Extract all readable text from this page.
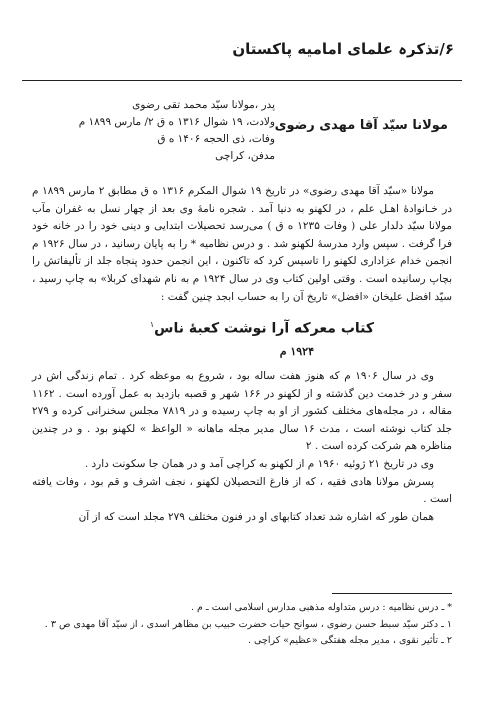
۶/تذکرہ علمای امامیه پاکستان
مولانا سیّد آقا مهدی رضوی
پدر ،مولانا سیّد محمد تقی رضوی
ولادت، ۱۹ شوال ۱۳۱۶ ه ق ۲/ مارس ۱۸۹۹ م
وفات، ذی الحجه ۱۴۰۶ ه ق
مدفن، کراچی

مولانا «سیّد آقا مهدی رضوی» در تاریخ ۱۹ شوال المکرم ۱۳۱۶ ه ق مطابق ۲ مارس ۱۸۹۹ م در خـانوادهٔ اهـل علم ، در لکهنو به دنیا آمد . شجره نامهٔ وی بعد از چهار نسل به غفران مآب مولانا سیّد دلدار علی ( وفات ۱۲۳۵ ه ق ) می‌رسد تحصیلات ابتدایی و دینی خود را در خانه خود فرا گرفت . سپس وارد مدرسهٔ لکهنو شد . و درس نظامیه * را به پایان رسانید ، در سال ۱۹۲۶ م انجمن خدام عزاداری لکهنو را تاسیس کرد که تاکنون ، این انجمن حدود پنجاه جلد از تألیفاتش را بچاپ رسانیده است . وقتی اولین کتاب وی در سال ۱۹۲۴ م به نام شهدای کربلا» به چاپ رسید ، سیّد افضل علیخان «افضل» تاریخ آن را به حساب ابجد چنین گفت :

کتاب معرکه آرا نوشت کعبهٔ ناس$^۱$
۱۹۲۴ م

وی در سال ۱۹۰۶ م که هنوز هفت ساله بود ، شروع به موعظه کرد . تمام زندگی اش در سفر و در خدمت دین گذشته و از لکهنو در ۱۶۶ شهر و قصبه بازدید به عمل آورده است . ۱۱۶۲ مقاله ، در مجله‌های مختلف کشور از او به چاپ رسیده و در ۷۸۱۹ مجلس سخنرانی کرده و ۲۷۹ جلد کتاب نوشته است ، مدت ۱۶ سال مدیر مجله ماهانه « الواعظ » لکهنو بود . و در چندین مناظره هم شرکت کرده است . ۲

وی در تاریخ ۲۱ ژوئیه ۱۹۶۰ م از لکهنو به کراچی آمد و در همان جا سکونت دارد .

پسرش مولانا هادی فقیه ، که از فارغ التحصیلان لکهنو ، نجف اشرف و قم بود ، وفات یافته است .

همان طور که اشاره شد تعداد کتابهای او در فنون مختلف ۲۷۹ مجلد است که از آن

* ـ درس نظامیه : درس متداوله مذهبی مدارس اسلامی است ـ م .

۱ ـ دکتر سیّد سبط حسن رضوی ، سوانح حیات حضرت حبیب بن مظاهر اسدی ، از سیّد آقا مهدی ص ۳ .

۲ ـ تأثیر نقوی ، مدیر مجله هفتگی «عظیم» کراچی .
